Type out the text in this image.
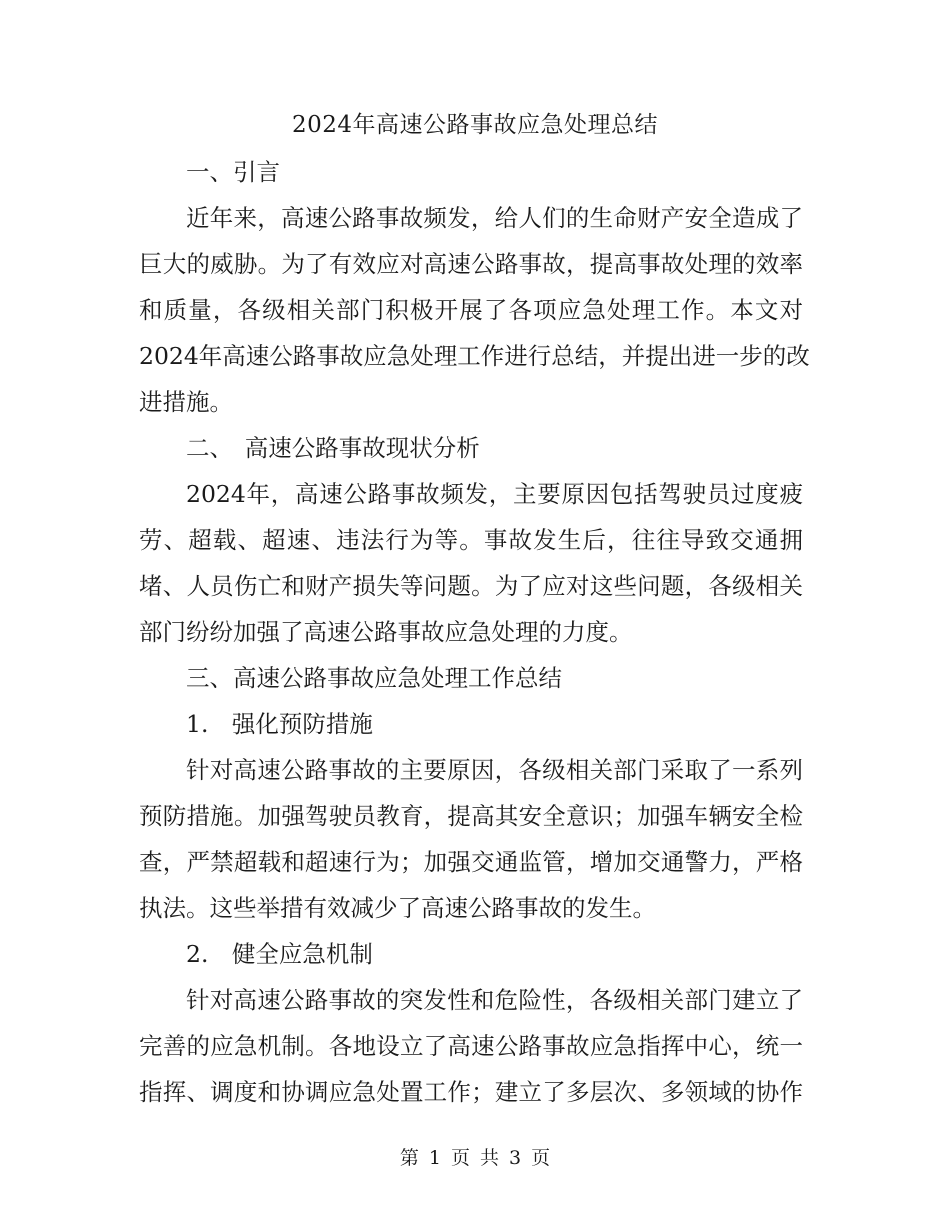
2024年高速公路事故应急处理总结
一、引言
近年来，高速公路事故频发，给人们的生命财产安全造成了
巨大的威胁。为了有效应对高速公路事故，提高事故处理的效率
和质量，各级相关部门积极开展了各项应急处理工作。本文对
2024年高速公路事故应急处理工作进行总结，并提出进一步的改
进措施。
二、　高速公路事故现状分析
2024年，高速公路事故频发，主要原因包括驾驶员过度疲
劳、超载、超速、违法行为等。事故发生后，往往导致交通拥
堵、人员伤亡和财产损失等问题。为了应对这些问题，各级相关
部门纷纷加强了高速公路事故应急处理的力度。
三、高速公路事故应急处理工作总结
1.　强化预防措施
针对高速公路事故的主要原因，各级相关部门采取了一系列
预防措施。加强驾驶员教育，提高其安全意识；加强车辆安全检
查，严禁超载和超速行为；加强交通监管，增加交通警力，严格
执法。这些举措有效减少了高速公路事故的发生。
2.　健全应急机制
针对高速公路事故的突发性和危险性，各级相关部门建立了
完善的应急机制。各地设立了高速公路事故应急指挥中心，统一
指挥、调度和协调应急处置工作；建立了多层次、多领域的协作
第 1 页 共 3 页
